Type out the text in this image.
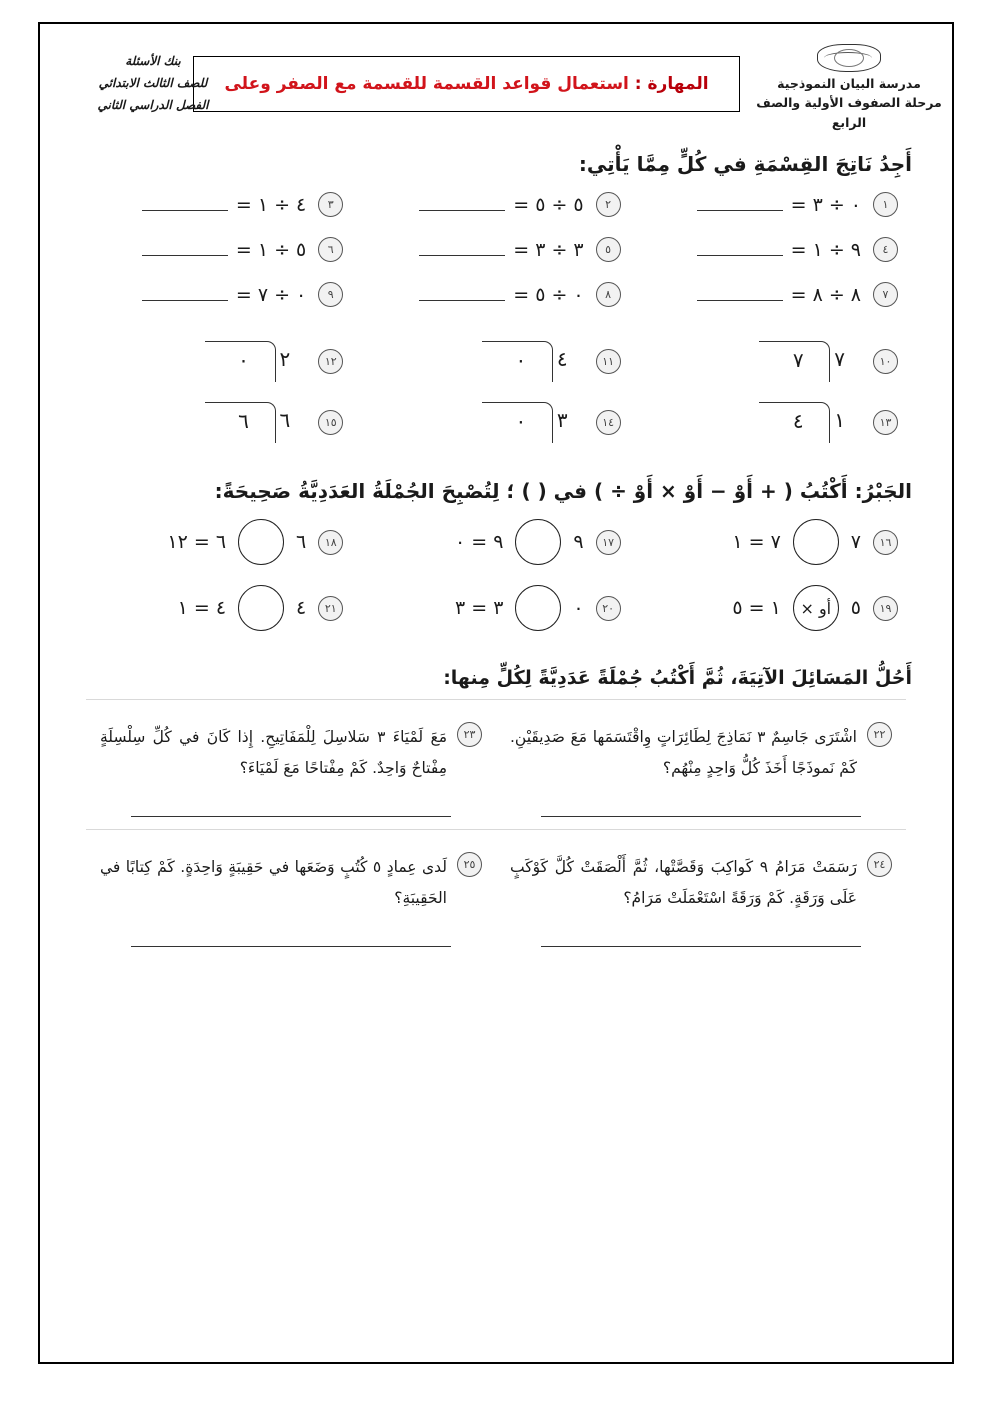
مدرسة البيان النموذجية
مرحلة الصفوف الأولية والصف الرابع
المهارة : استعمال قواعد القسمة للقسمة مع الصفر وعلى
بنك الأسئلة
للصف الثالث الابتدائي
الفصل الدراسي الثاني
أَجِدُ نَاتِجَ القِسْمَةِ في كُلٍّ مِمَّا يَأْتِي:
١
٠ ÷ ٣ =
٢
٥ ÷ ٥ =
٣
٤ ÷ ١ =
٤
٩ ÷ ١ =
٥
٣ ÷ ٣ =
٦
٥ ÷ ١ =
٧
٨ ÷ ٨ =
٨
٠ ÷ ٥ =
٩
٠ ÷ ٧ =
١٠
٧
٧
١١
٤
٠
١٢
٢
٠
١٣
١
٤
١٤
٣
٠
١٥
٦
٦
الجَبْرُ: أَكْتُبُ ( + أَوْ − أَوْ × أَوْ ÷ ) في ( ) ؛ لِتُصْبِحَ الجُمْلَةُ العَدَدِيَّةُ صَحِيحَةً:
١٦
٧
٧ = ١
١٧
٩
٩ = ٠
١٨
٦
٦ = ١٢
١٩
٥
أو ×
١ = ٥
٢٠
٠
٣ = ٣
٢١
٤
٤ = ١
أَحُلُّ المَسَائِلَ الآتِيَةَ، ثُمَّ أَكْتُبُ جُمْلَةً عَدَدِيَّةً لِكُلٍّ مِنها:
٢٢
اشْتَرَى جَاسِمٌ ٣ نَمَاذِجَ لِطَائِرَاتٍ وِاقْتَسَمَها مَعَ صَدِيقَيْنِ. كَمْ نَموذَجًا أَخَذَ كُلُّ وَاحِدٍ مِنْهُم؟
٢٣
مَعَ لَمْيَاءَ ٣ سَلاسِلَ لِلْمَفَاتِيحِ. إِذا كَانَ في كُلِّ سِلْسِلَةٍ مِفْتاحٌ وَاحِدٌ. كَمْ مِفْتاحًا مَعَ لَمْيَاءَ؟
٢٤
رَسَمَتْ مَرَامُ ٩ كَواكِبَ وَقَصَّتْها، ثُمَّ أَلْصَقَتْ كُلَّ كَوْكَبٍ عَلَى وَرَقَةٍ. كَمْ وَرَقَةً اسْتَعْمَلَتْ مَرَامُ؟
٢٥
لَدى عِمادٍ ٥ كُتُبٍ وَضَعَها في حَقِيبَةٍ وَاحِدَةٍ. كَمْ كِتابًا في الحَقِيبَةِ؟
